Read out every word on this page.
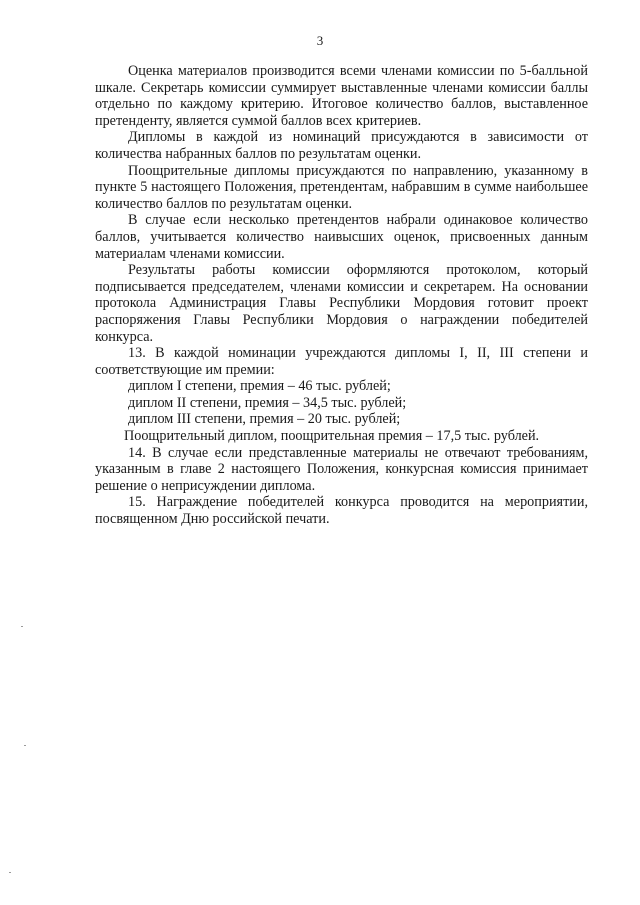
3

Оценка материалов производится всеми членами комиссии по 5-балльной шкале. Секретарь комиссии суммирует выставленные членами комиссии баллы отдельно по каждому критерию. Итоговое количество баллов, выставленное претенденту, является суммой баллов всех критериев.

Дипломы в каждой из номинаций присуждаются в зависимости от количества набранных баллов по результатам оценки.

Поощрительные дипломы присуждаются по направлению, указанному в пункте 5 настоящего Положения, претендентам, набравшим в сумме наибольшее количество баллов по результатам оценки.

В случае если несколько претендентов набрали одинаковое количество баллов, учитывается количество наивысших оценок, присвоенных данным материалам членами комиссии.

Результаты работы комиссии оформляются протоколом, который подписывается председателем, членами комиссии и секретарем. На основании протокола Администрация Главы Республики Мордовия готовит проект распоряжения Главы Республики Мордовия о награждении победителей конкурса.

13. В каждой номинации учреждаются дипломы I, II, III степени и соответствующие им премии:

диплом I степени, премия – 46 тыс. рублей;

диплом II степени, премия – 34,5 тыс. рублей;

диплом III степени, премия – 20 тыс. рублей;

Поощрительный диплом, поощрительная премия – 17,5 тыс. рублей.

14. В случае если представленные материалы не отвечают требованиям, указанным в главе 2 настоящего Положения, конкурсная комиссия принимает решение о неприсуждении диплома.

15. Награждение победителей конкурса проводится на мероприятии, посвященном Дню российской печати.
